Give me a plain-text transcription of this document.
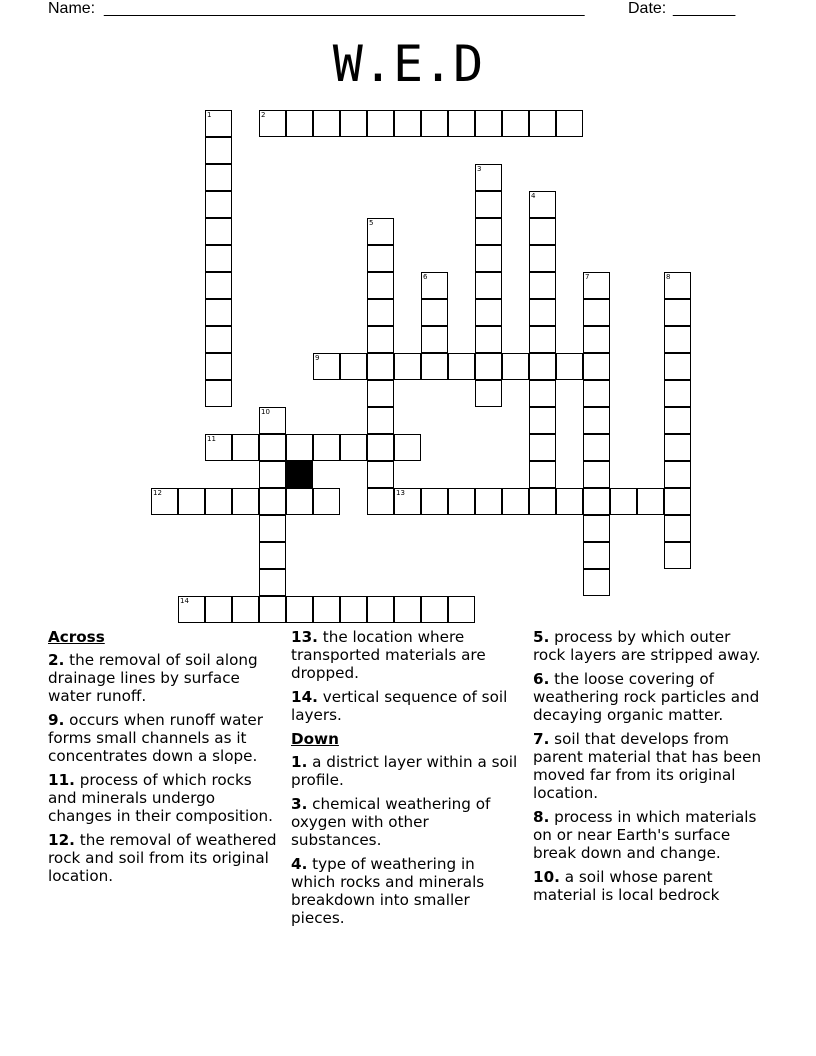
Name: ______________________________________________________	Date: _______
W.E.D
1	2
3
4
5
6	7	8
9
10
11
12	13
14
Across
2. the removal of soil along drainage lines by surface water runoff.
9. occurs when runoff water forms small channels as it concentrates down a slope.
11. process of which rocks and minerals undergo changes in their composition.
12. the removal of weathered rock and soil from its original location.
13. the location where transported materials are dropped.
14. vertical sequence of soil layers.
Down
1. a district layer within a soil profile.
3. chemical weathering of oxygen with other substances.
4. type of weathering in which rocks and minerals breakdown into smaller pieces.
5. process by which outer rock layers are stripped away.
6. the loose covering of weathering rock particles and decaying organic matter.
7. soil that develops from parent material that has been moved far from its original location.
8. process in which materials on or near Earth's surface break down and change.
10. a soil whose parent material is local bedrock
